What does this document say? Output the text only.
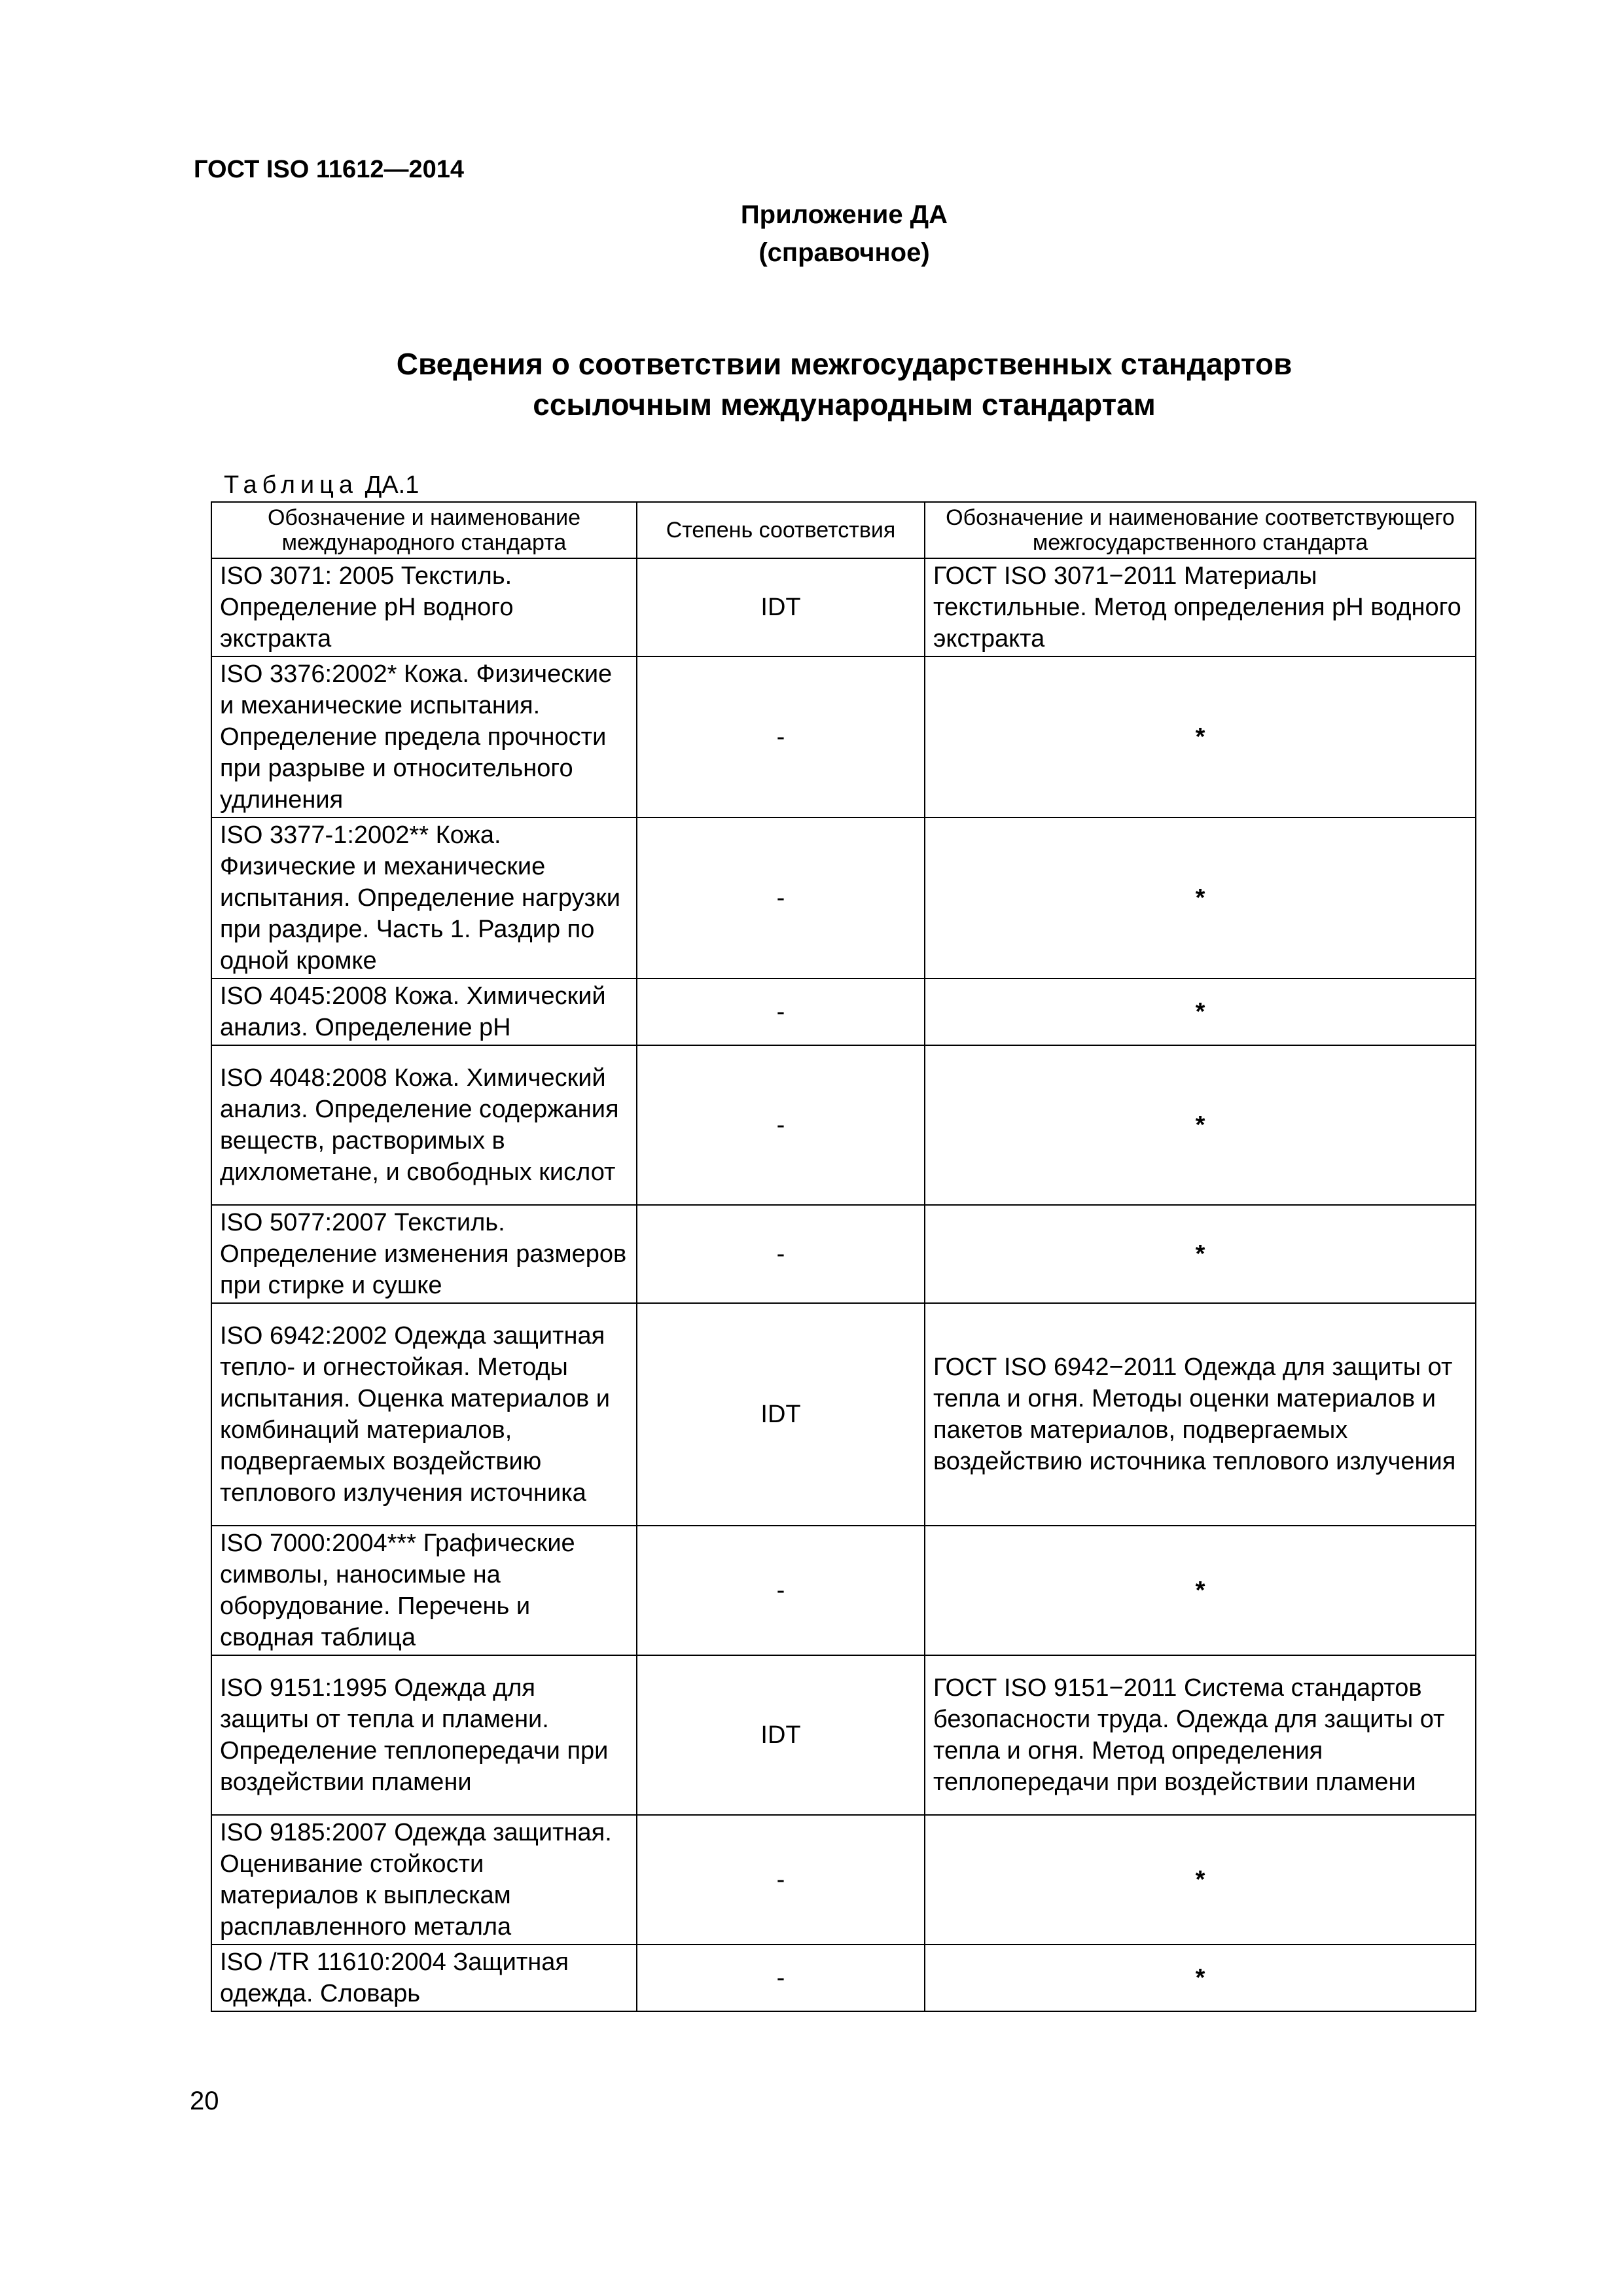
ГОСТ ISO 11612—2014

Приложение ДА

(справочное)

Сведения о соответствии межгосударственных стандартов
ссылочным международным стандартам

Таблица ДА.1

Обозначение и наименование международного стандарта	Степень соответствия	Обозначение и наименование соответствующего межгосударственного стандарта
ISO 3071: 2005 Текстиль. Определение pH водного экстракта	IDT	ГОСТ ISO 3071−2011 Материалы текстильные. Метод определения pH водного экстракта
ISO 3376:2002* Кожа. Физические и механические испытания. Определение предела прочности при разрыве и относительного удлинения	-	*
ISO 3377-1:2002** Кожа. Физические и механические испытания. Определение нагрузки при раздире. Часть 1. Раздир по одной кромке	-	*
ISO 4045:2008 Кожа. Химический анализ. Определение pH	-	*
ISO 4048:2008 Кожа. Химический анализ. Определение содержания веществ, растворимых в дихлометане, и свободных кислот	-	*
ISO 5077:2007 Текстиль. Определение изменения размеров при стирке и сушке	-	*
ISO 6942:2002 Одежда защитная тепло- и огнестойкая. Методы испытания. Оценка материалов и комбинаций материалов, подвергаемых воздействию теплового излучения источника	IDT	ГОСТ ISO 6942−2011 Одежда для защиты от тепла и огня. Методы оценки материалов и пакетов материалов, подвергаемых воздействию источника теплового излучения
ISO 7000:2004*** Графические символы, наносимые на оборудование. Перечень и сводная таблица	-	*
ISO 9151:1995 Одежда для защиты от тепла и пламени. Определение теплопередачи при воздействии пламени	IDT	ГОСТ ISO 9151−2011 Система стандартов безопасности труда. Одежда для защиты от тепла и огня. Метод определения теплопередачи при воздействии пламени
ISO 9185:2007 Одежда защитная. Оценивание стойкости материалов к выплескам расплавленного металла	-	*
ISO /TR 11610:2004 Защитная одежда. Словарь	-	*

20
